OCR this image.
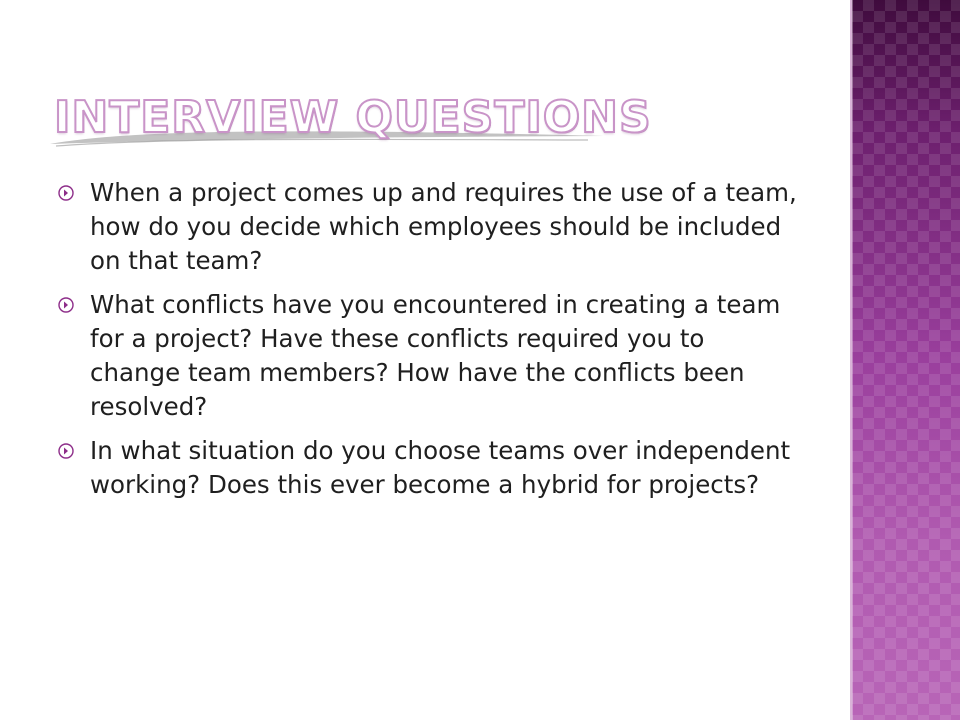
INTERVIEW QUESTIONS
When a project comes up and requires the use of a team, how do you decide which employees should be included on that team?
What conflicts have you encountered in creating a team for a project? Have these conflicts required you to change team members? How have the conflicts been resolved?
In what situation do you choose teams over independent working? Does this ever become a hybrid for projects?
